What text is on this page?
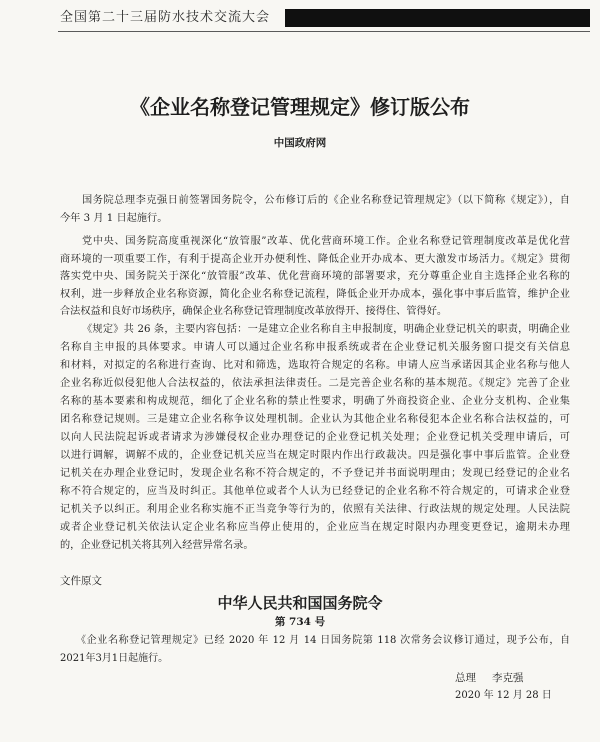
全国第二十三届防水技术交流大会
《企业名称登记管理规定》修订版公布
中国政府网
国务院总理李克强日前签署国务院令，公布修订后的《企业名称登记管理规定》（以下简称《规定》），自
今年 3 月 1 日起施行。
党中央、国务院高度重视深化“放管服”改革、优化营商环境工作。企业名称登记管理制度改革是优化营
商环境的一项重要工作，有利于提高企业开办便利性、降低企业开办成本、更大激发市场活力。《规定》贯彻
落实党中央、国务院关于深化“放管服”改革、优化营商环境的部署要求，充分尊重企业自主选择企业名称的
权利，进一步释放企业名称资源，简化企业名称登记流程，降低企业开办成本，强化事中事后监管，维护企业
合法权益和良好市场秩序，确保企业名称登记管理制度改革放得开、接得住、管得好。
《规定》共 26 条，主要内容包括：一是建立企业名称自主申报制度，明确企业登记机关的职责，明确企业
名称自主申报的具体要求。申请人可以通过企业名称申报系统或者在企业登记机关服务窗口提交有关信息
和材料，对拟定的名称进行查询、比对和筛选，选取符合规定的名称。申请人应当承诺因其企业名称与他人
企业名称近似侵犯他人合法权益的，依法承担法律责任。二是完善企业名称的基本规范。《规定》完善了企业
名称的基本要素和构成规范，细化了企业名称的禁止性要求，明确了外商投资企业、企业分支机构、企业集
团名称登记规则。三是建立企业名称争议处理机制。企业认为其他企业名称侵犯本企业名称合法权益的，可
以向人民法院起诉或者请求为涉嫌侵权企业办理登记的企业登记机关处理；企业登记机关受理申请后，可
以进行调解，调解不成的，企业登记机关应当在规定时限内作出行政裁决。四是强化事中事后监管。企业登
记机关在办理企业登记时，发现企业名称不符合规定的，不予登记并书面说明理由；发现已经登记的企业名
称不符合规定的，应当及时纠正。其他单位或者个人认为已经登记的企业名称不符合规定的，可请求企业登
记机关予以纠正。利用企业名称实施不正当竞争等行为的，依照有关法律、行政法规的规定处理。人民法院
或者企业登记机关依法认定企业名称应当停止使用的，企业应当在规定时限内办理变更登记，逾期未办理
的，企业登记机关将其列入经营异常名录。
文件原文
中华人民共和国国务院令
第 734 号
《企业名称登记管理规定》已经 2020 年 12 月 14 日国务院第 118 次常务会议修订通过，现予公布，自
2021年3月1日起施行。
总理 李克强
2020 年 12 月 28 日
